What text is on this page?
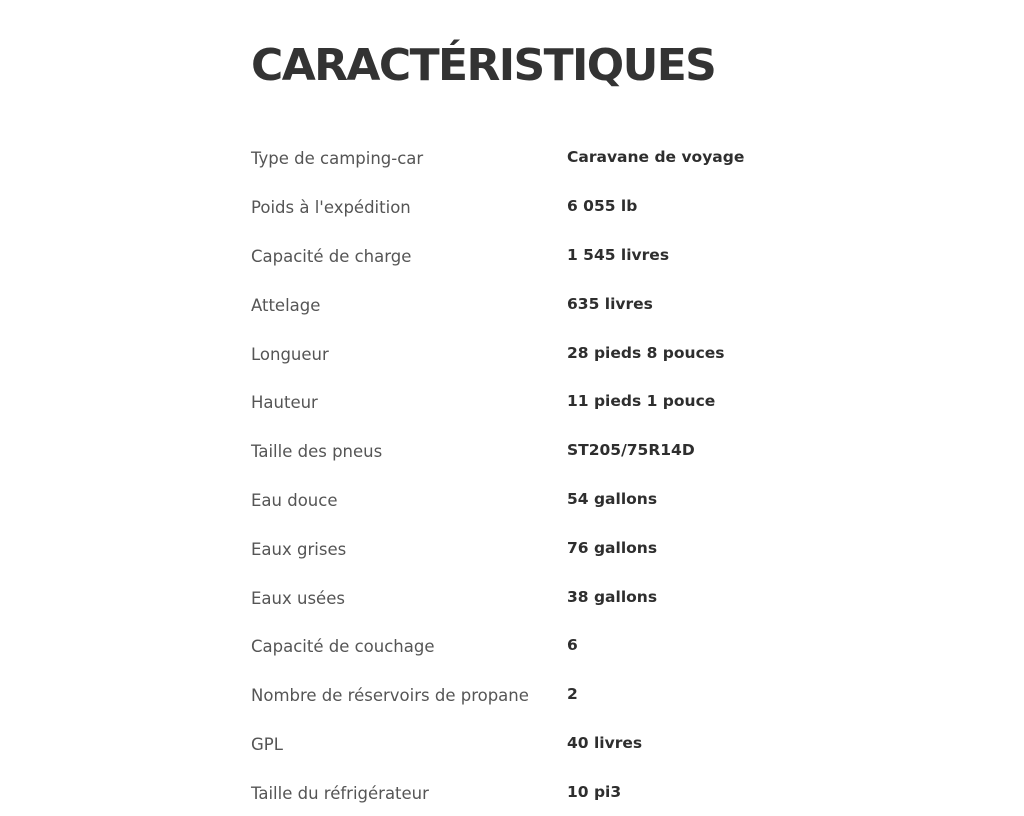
CARACTÉRISTIQUES
Type de camping-car	Caravane de voyage
Poids à l'expédition	6 055 lb
Capacité de charge	1 545 livres
Attelage	635 livres
Longueur	28 pieds 8 pouces
Hauteur	11 pieds 1 pouce
Taille des pneus	ST205/75R14D
Eau douce	54 gallons
Eaux grises	76 gallons
Eaux usées	38 gallons
Capacité de couchage	6
Nombre de réservoirs de propane	2
GPL	40 livres
Taille du réfrigérateur	10 pi3
